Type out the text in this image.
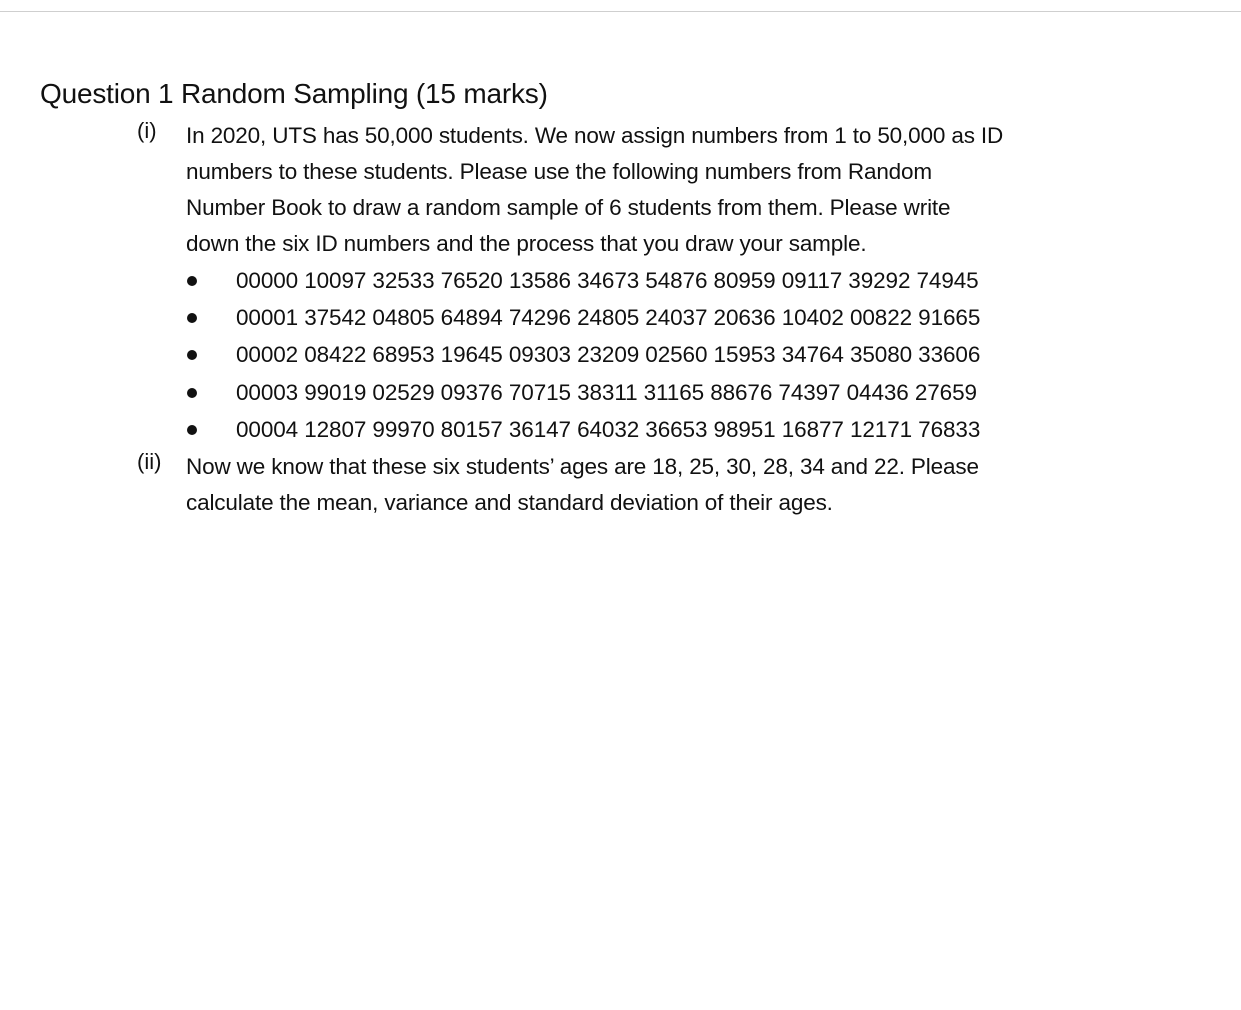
Question 1 Random Sampling (15 marks)
(i) In 2020, UTS has 50,000 students. We now assign numbers from 1 to 50,000 as ID
numbers to these students. Please use the following numbers from Random
Number Book to draw a random sample of 6 students from them. Please write
down the six ID numbers and the process that you draw your sample.
00000 10097 32533 76520 13586 34673 54876 80959 09117 39292 74945
00001 37542 04805 64894 74296 24805 24037 20636 10402 00822 91665
00002 08422 68953 19645 09303 23209 02560 15953 34764 35080 33606
00003 99019 02529 09376 70715 38311 31165 88676 74397 04436 27659
00004 12807 99970 80157 36147 64032 36653 98951 16877 12171 76833
(ii) Now we know that these six students’ ages are 18, 25, 30, 28, 34 and 22. Please
calculate the mean, variance and standard deviation of their ages.
